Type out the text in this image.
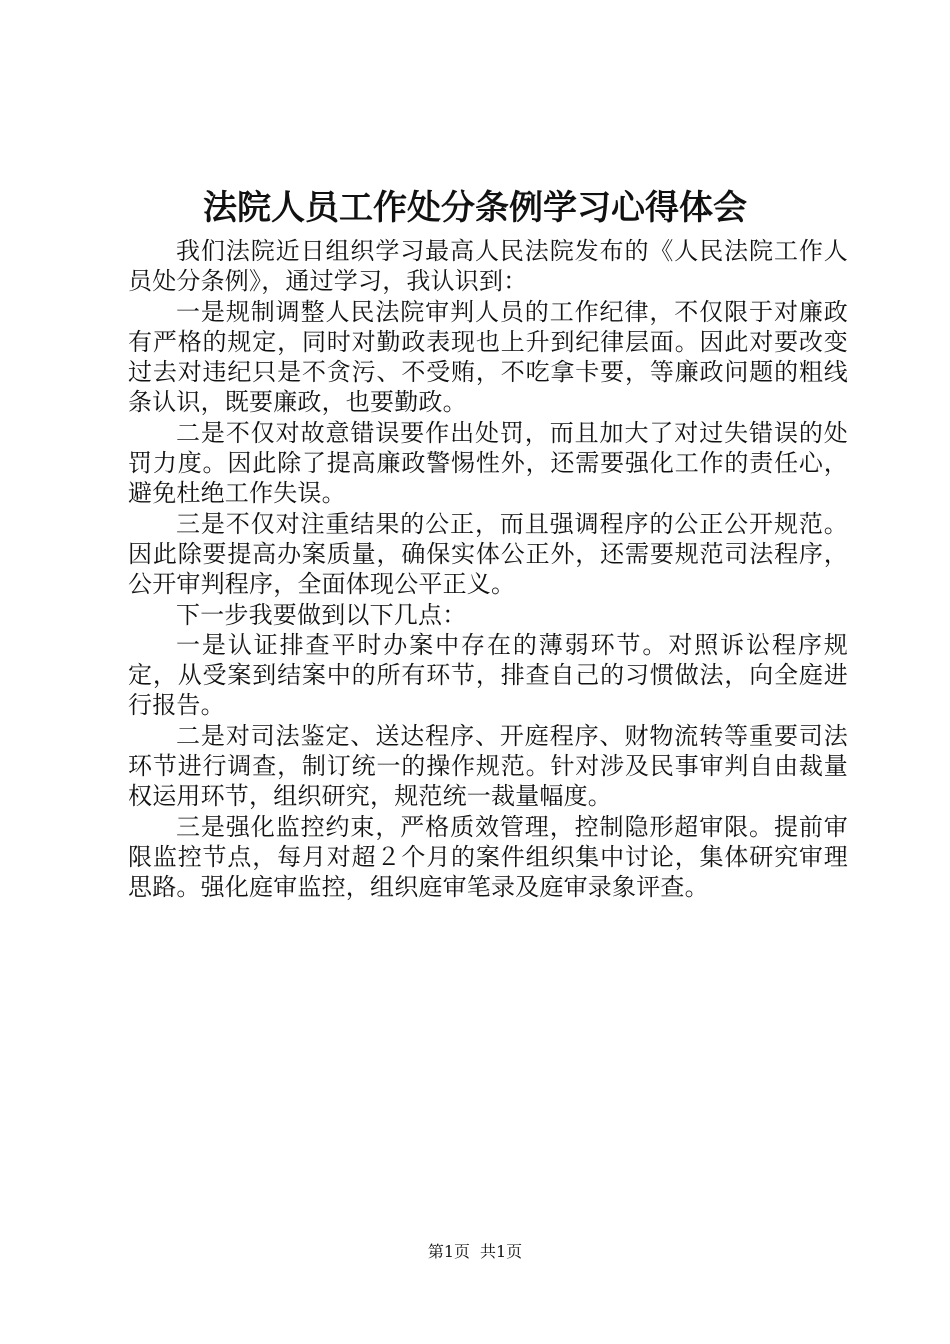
法院人员工作处分条例学习心得体会

我们法院近日组织学习最高人民法院发布的《人民法院工作人员处分条例》，通过学习，我认识到：

一是规制调整人民法院审判人员的工作纪律，不仅限于对廉政有严格的规定，同时对勤政表现也上升到纪律层面。因此对要改变过去对违纪只是不贪污、不受贿，不吃拿卡要，等廉政问题的粗线条认识，既要廉政，也要勤政。

二是不仅对故意错误要作出处罚，而且加大了对过失错误的处罚力度。因此除了提高廉政警惕性外，还需要强化工作的责任心，避免杜绝工作失误。

三是不仅对注重结果的公正，而且强调程序的公正公开规范。因此除要提高办案质量，确保实体公正外，还需要规范司法程序，公开审判程序，全面体现公平正义。

下一步我要做到以下几点：

一是认证排查平时办案中存在的薄弱环节。对照诉讼程序规定，从受案到结案中的所有环节，排查自己的习惯做法，向全庭进行报告。

二是对司法鉴定、送达程序、开庭程序、财物流转等重要司法环节进行调查，制订统一的操作规范。针对涉及民事审判自由裁量权运用环节，组织研究，规范统一裁量幅度。

三是强化监控约束，严格质效管理，控制隐形超审限。提前审限监控节点，每月对超２个月的案件组织集中讨论，集体研究审理思路。强化庭审监控，组织庭审笔录及庭审录象评查。

第1页 共1页
